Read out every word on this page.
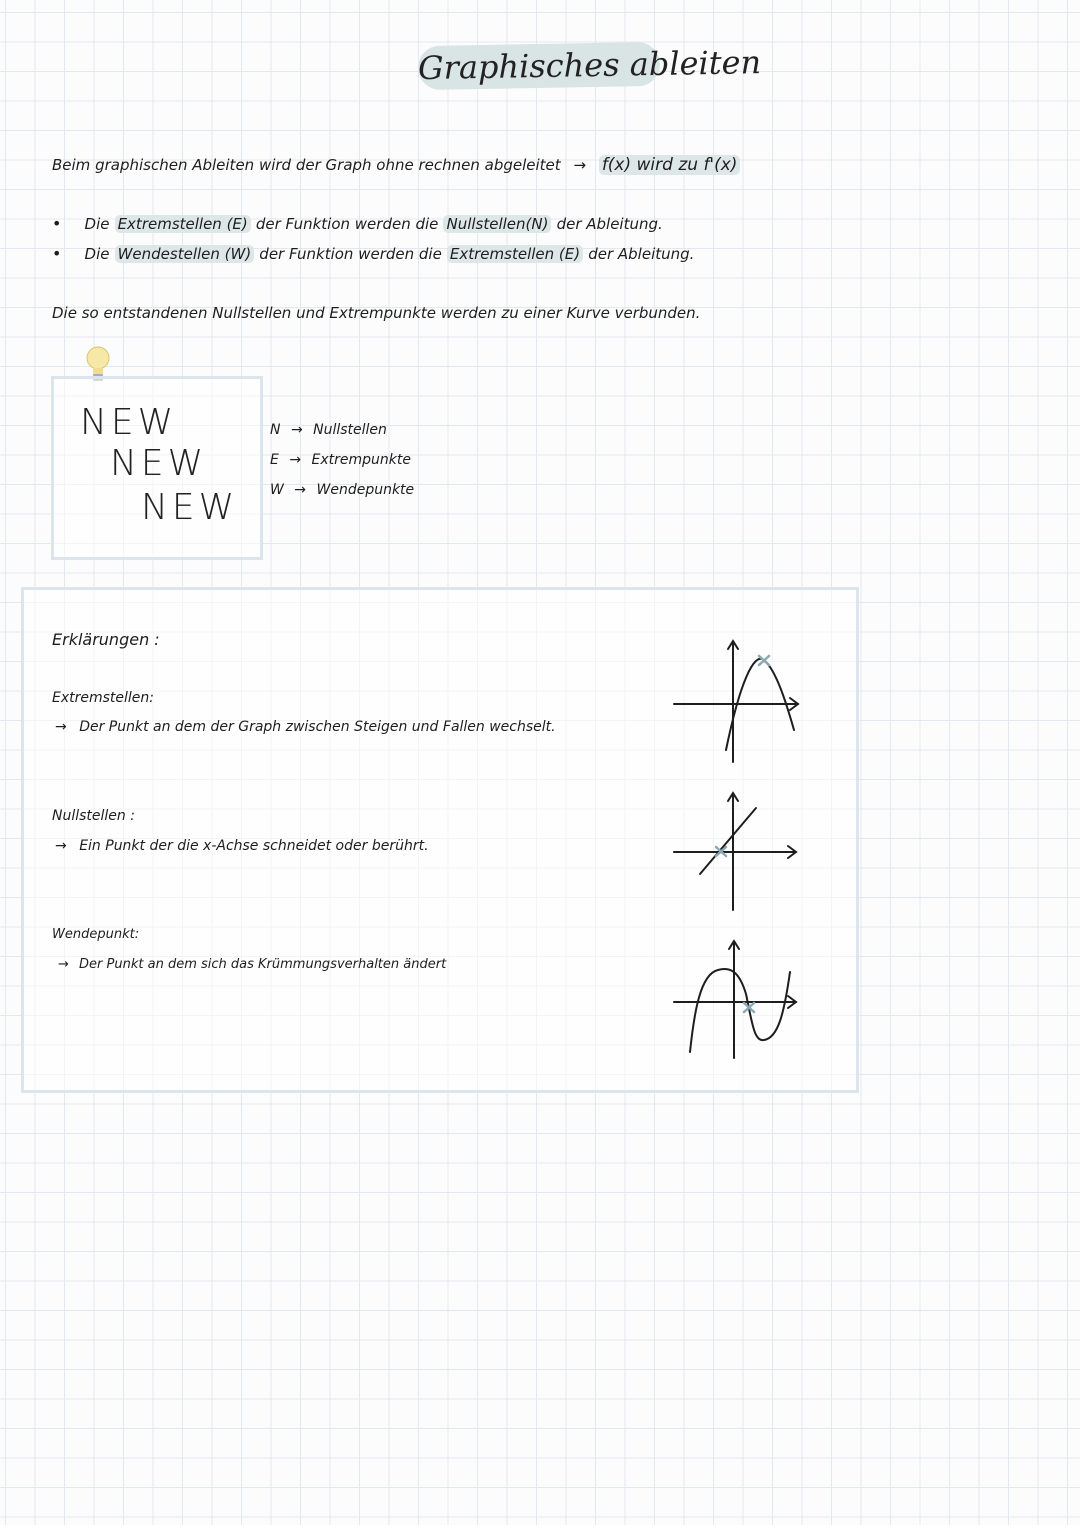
Graphisches ableiten
Beim graphischen Ableiten wird der Graph ohne rechnen abgeleitet → f(x) wird zu f'(x)
• Die Extremstellen (E) der Funktion werden die Nullstellen(N) der Ableitung.
• Die Wendestellen (W) der Funktion werden die Extremstellen (E) der Ableitung.
Die so entstandenen Nullstellen und Extrempunkte werden zu einer Kurve verbunden.
NEW
NEW
NEW
N → Nullstellen
E → Extrempunkte
W → Wendepunkte
Erklärungen :
Extremstellen:
→ Der Punkt an dem der Graph zwischen Steigen und Fallen wechselt.
Nullstellen :
→ Ein Punkt der die x-Achse schneidet oder berührt.
Wendepunkt:
→ Der Punkt an dem sich das Krümmungsverhalten ändert
